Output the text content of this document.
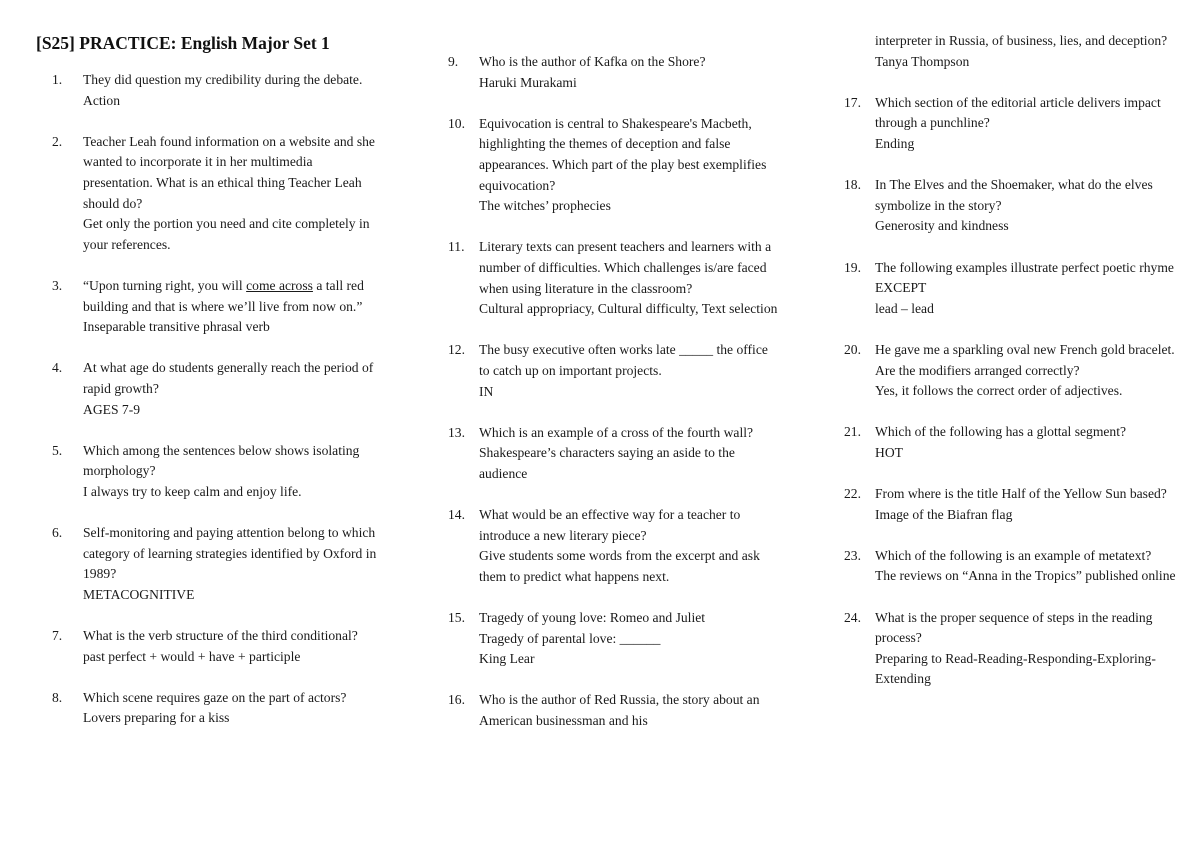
[S25] PRACTICE: English Major Set 1
1.	They did question my credibility during the debate.
Action
2.	Teacher Leah found information on a website and she wanted to incorporate it in her multimedia presentation. What is an ethical thing Teacher Leah should do?
Get only the portion you need and cite completely in your references.
3.	“Upon turning right, you will come across a tall red building and that is where we’ll live from now on.”
Inseparable transitive phrasal verb
4.	At what age do students generally reach the period of rapid growth?
AGES 7-9
5.	Which among the sentences below shows isolating morphology?
I always try to keep calm and enjoy life.
6.	Self-monitoring and paying attention belong to which category of learning strategies identified by Oxford in 1989?
METACOGNITIVE
7.	What is the verb structure of the third conditional?
past perfect + would + have + participle
8.	Which scene requires gaze on the part of actors?
Lovers preparing for a kiss
9.	Who is the author of Kafka on the Shore?
Haruki Murakami
10.	Equivocation is central to Shakespeare's Macbeth, highlighting the themes of deception and false appearances. Which part of the play best exemplifies equivocation?
The witches’ prophecies
11.	Literary texts can present teachers and learners with a number of difficulties. Which challenges is/are faced when using literature in the classroom?
Cultural appropriacy, Cultural difficulty, Text selection
12.	The busy executive often works late _____ the office to catch up on important projects.
IN
13.	Which is an example of a cross of the fourth wall?
Shakespeare’s characters saying an aside to the audience
14.	What would be an effective way for a teacher to introduce a new literary piece?
Give students some words from the excerpt and ask them to predict what happens next.
15.	Tragedy of young love: Romeo and Juliet
Tragedy of parental love: ______
King Lear
16.	Who is the author of Red Russia, the story about an American businessman and his
interpreter in Russia, of business, lies, and deception?
Tanya Thompson
17.	Which section of the editorial article delivers impact through a punchline?
Ending
18.	In The Elves and the Shoemaker, what do the elves symbolize in the story?
Generosity and kindness
19.	The following examples illustrate perfect poetic rhyme EXCEPT
lead – lead
20.	He gave me a sparkling oval new French gold bracelet. Are the modifiers arranged correctly?
Yes, it follows the correct order of adjectives.
21.	Which of the following has a glottal segment?
HOT
22.	From where is the title Half of the Yellow Sun based?
Image of the Biafran flag
23.	Which of the following is an example of metatext?
The reviews on “Anna in the Tropics” published online
24.	What is the proper sequence of steps in the reading process?
Preparing to Read-Reading-Responding-Exploring- Extending
